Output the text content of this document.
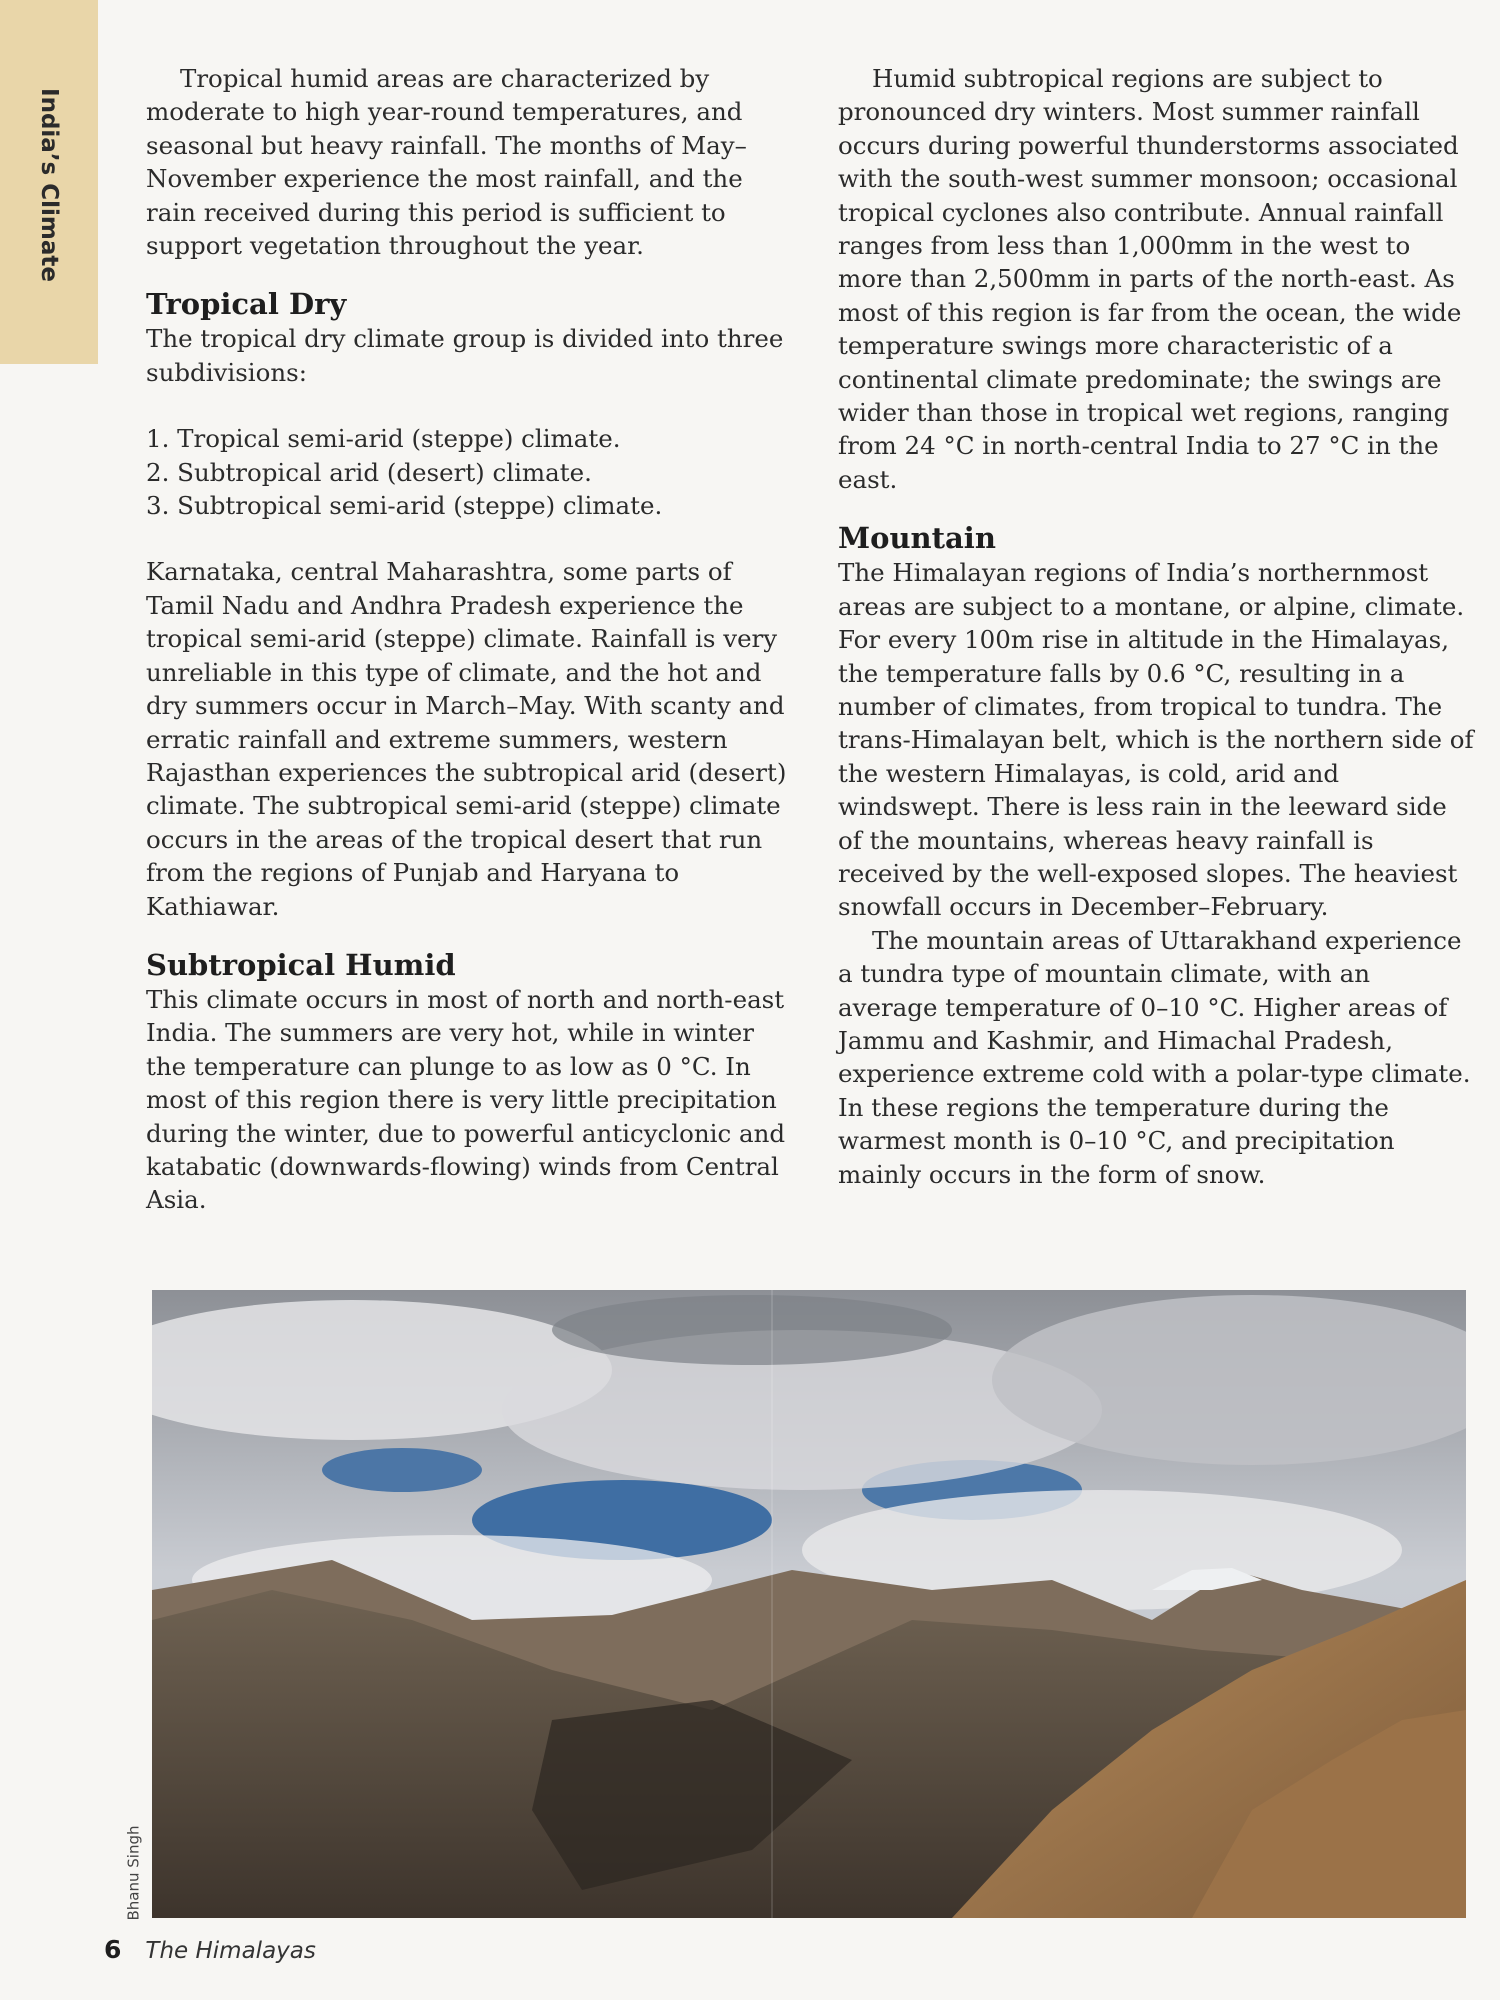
India’s Climate

Tropical humid areas are characterized by moderate to high year-round temperatures, and seasonal but heavy rainfall. The months of May–November experience the most rainfall, and the rain received during this period is sufficient to support vegetation throughout the year.

Tropical Dry

The tropical dry climate group is divided into three subdivisions:

1. Tropical semi-arid (steppe) climate.
2. Subtropical arid (desert) climate.
3. Subtropical semi-arid (steppe) climate.

Karnataka, central Maharashtra, some parts of Tamil Nadu and Andhra Pradesh experience the tropical semi-arid (steppe) climate. Rainfall is very unreliable in this type of climate, and the hot and dry summers occur in March–May. With scanty and erratic rainfall and extreme summers, western Rajasthan experiences the subtropical arid (desert) climate. The subtropical semi-arid (steppe) climate occurs in the areas of the tropical desert that run from the regions of Punjab and Haryana to Kathiawar.

Subtropical Humid

This climate occurs in most of north and north-east India. The summers are very hot, while in winter the temperature can plunge to as low as 0 °C. In most of this region there is very little precipitation during the winter, due to powerful anticyclonic and katabatic (downwards-flowing) winds from Central Asia.

Humid subtropical regions are subject to pronounced dry winters. Most summer rainfall occurs during powerful thunderstorms associated with the south-west summer monsoon; occasional tropical cyclones also contribute. Annual rainfall ranges from less than 1,000mm in the west to more than 2,500mm in parts of the north-east. As most of this region is far from the ocean, the wide temperature swings more characteristic of a continental climate predominate; the swings are wider than those in tropical wet regions, ranging from 24 °C in north-central India to 27 °C in the east.

Mountain

The Himalayan regions of India’s northernmost areas are subject to a montane, or alpine, climate. For every 100m rise in altitude in the Himalayas, the temperature falls by 0.6 °C, resulting in a number of climates, from tropical to tundra. The trans-Himalayan belt, which is the northern side of the western Himalayas, is cold, arid and windswept. There is less rain in the leeward side of the mountains, whereas heavy rainfall is received by the well-exposed slopes. The heaviest snowfall occurs in December–February.

The mountain areas of Uttarakhand experience a tundra type of mountain climate, with an average temperature of 0–10 °C. Higher areas of Jammu and Kashmir, and Himachal Pradesh, experience extreme cold with a polar-type climate. In these regions the temperature during the warmest month is 0–10 °C, and precipitation mainly occurs in the form of snow.

Bhanu Singh
6 The Himalayas
